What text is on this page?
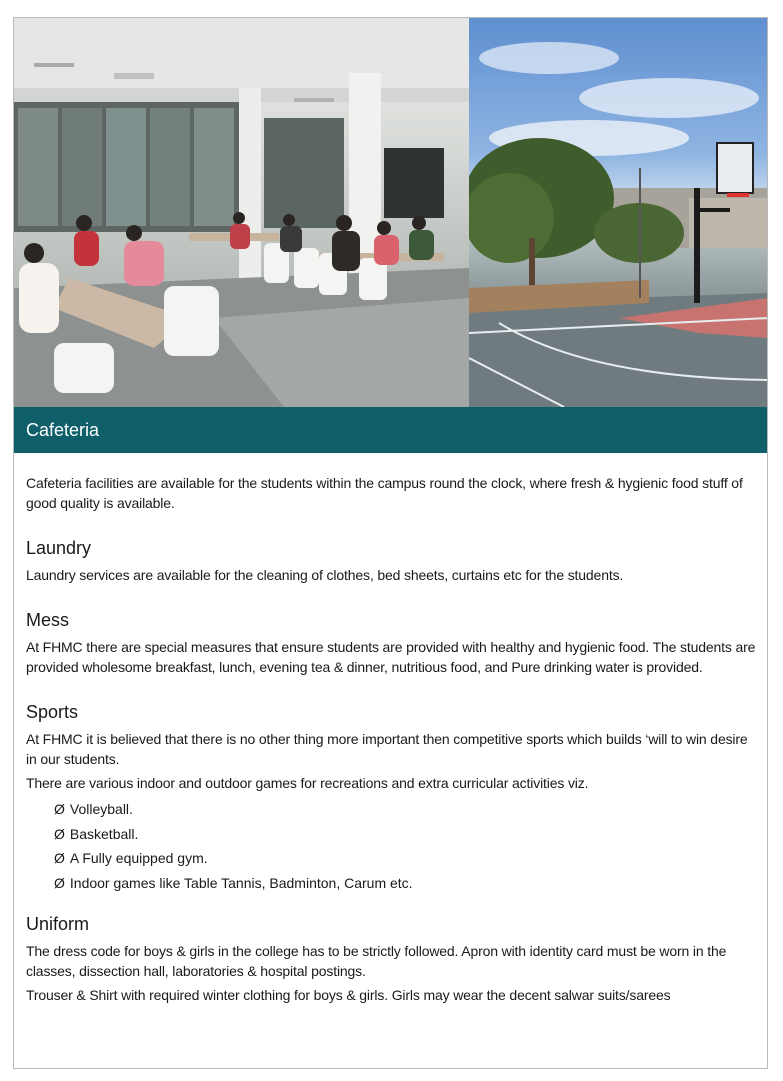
Cafeteria

Cafeteria facilities are available for the students within the campus round the clock, where fresh & hygienic food stuff of good quality is available.

Laundry

Laundry services are available for the cleaning of clothes, bed sheets, curtains etc for the students.

Mess

At FHMC there are special measures that ensure students are provided with healthy and hygienic food. The students are provided wholesome breakfast, lunch, evening tea & dinner, nutritious food, and Pure drinking water is provided.

Sports

At FHMC it is believed that there is no other thing more important then competitive sports which builds ‘will to win desire in our students.

There are various indoor and outdoor games for recreations and extra curricular activities viz.

Ø Volleyball.
Ø Basketball.
Ø A Fully equipped gym.
Ø Indoor games like Table Tannis, Badminton, Carum etc.
Uniform

The dress code for boys & girls in the college has to be strictly followed. Apron with identity card must be worn in the classes, dissection hall, laboratories & hospital postings.

Trouser & Shirt with required winter clothing for boys & girls. Girls may wear the decent salwar suits/sarees
